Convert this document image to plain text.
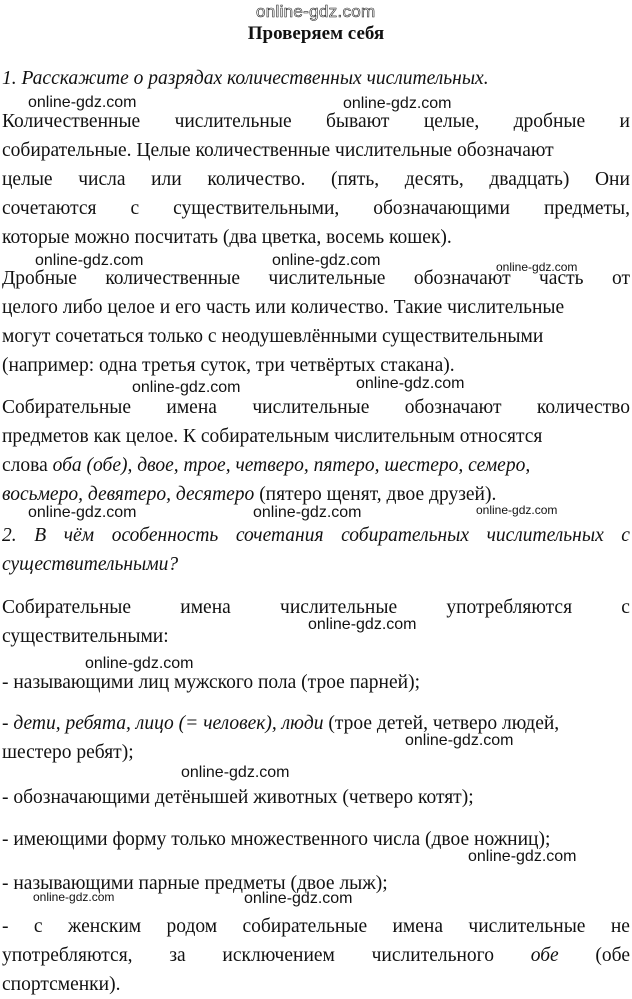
online-gdz.com
Проверяем себя
1. Расскажите о разрядах количественных числительных.
online-gdz.com	online-gdz.com
Количественные числительные бывают целые, дробные и
собирательные. Целые количественные числительные обозначают
целые числа или количество. (пять, десять, двадцать) Они
сочетаются с существительными, обозначающими предметы,
которые можно посчитать (два цветка, восемь кошек).
online-gdz.com	online-gdz.com	online-gdz.com
Дробные количественные числительные обозначают часть от
целого либо целое и его часть или количество. Такие числительные
могут сочетаться только с неодушевлёнными существительными
(например: одна третья суток, три четвёртых стакана).
online-gdz.com	online-gdz.com
Собирательные имена числительные обозначают количество
предметов как целое. К собирательным числительным относятся
слова оба (обе), двое, трое, четверо, пятеро, шестеро, семеро,
восьмеро, девятеро, десятеро (пятеро щенят, двое друзей).
online-gdz.com	online-gdz.com	online-gdz.com
2. В чём особенность сочетания собирательных числительных с
существительными?
Собирательные	имена	числительные	употребляются	с
существительными:
online-gdz.com
online-gdz.com
- называющими лиц мужского пола (трое парней);
- дети, ребята, лицо (= человек), люди (трое детей, четверо людей,
шестеро ребят);
online-gdz.com
online-gdz.com
- обозначающими детёнышей животных (четверо котят);
- имеющими форму только множественного числа (двое ножниц);
online-gdz.com
- называющими парные предметы (двое лыж);
online-gdz.com	online-gdz.com
- с женским родом собирательные имена числительные не
употребляются, за исключением числительного обе (обе
спортсменки).
